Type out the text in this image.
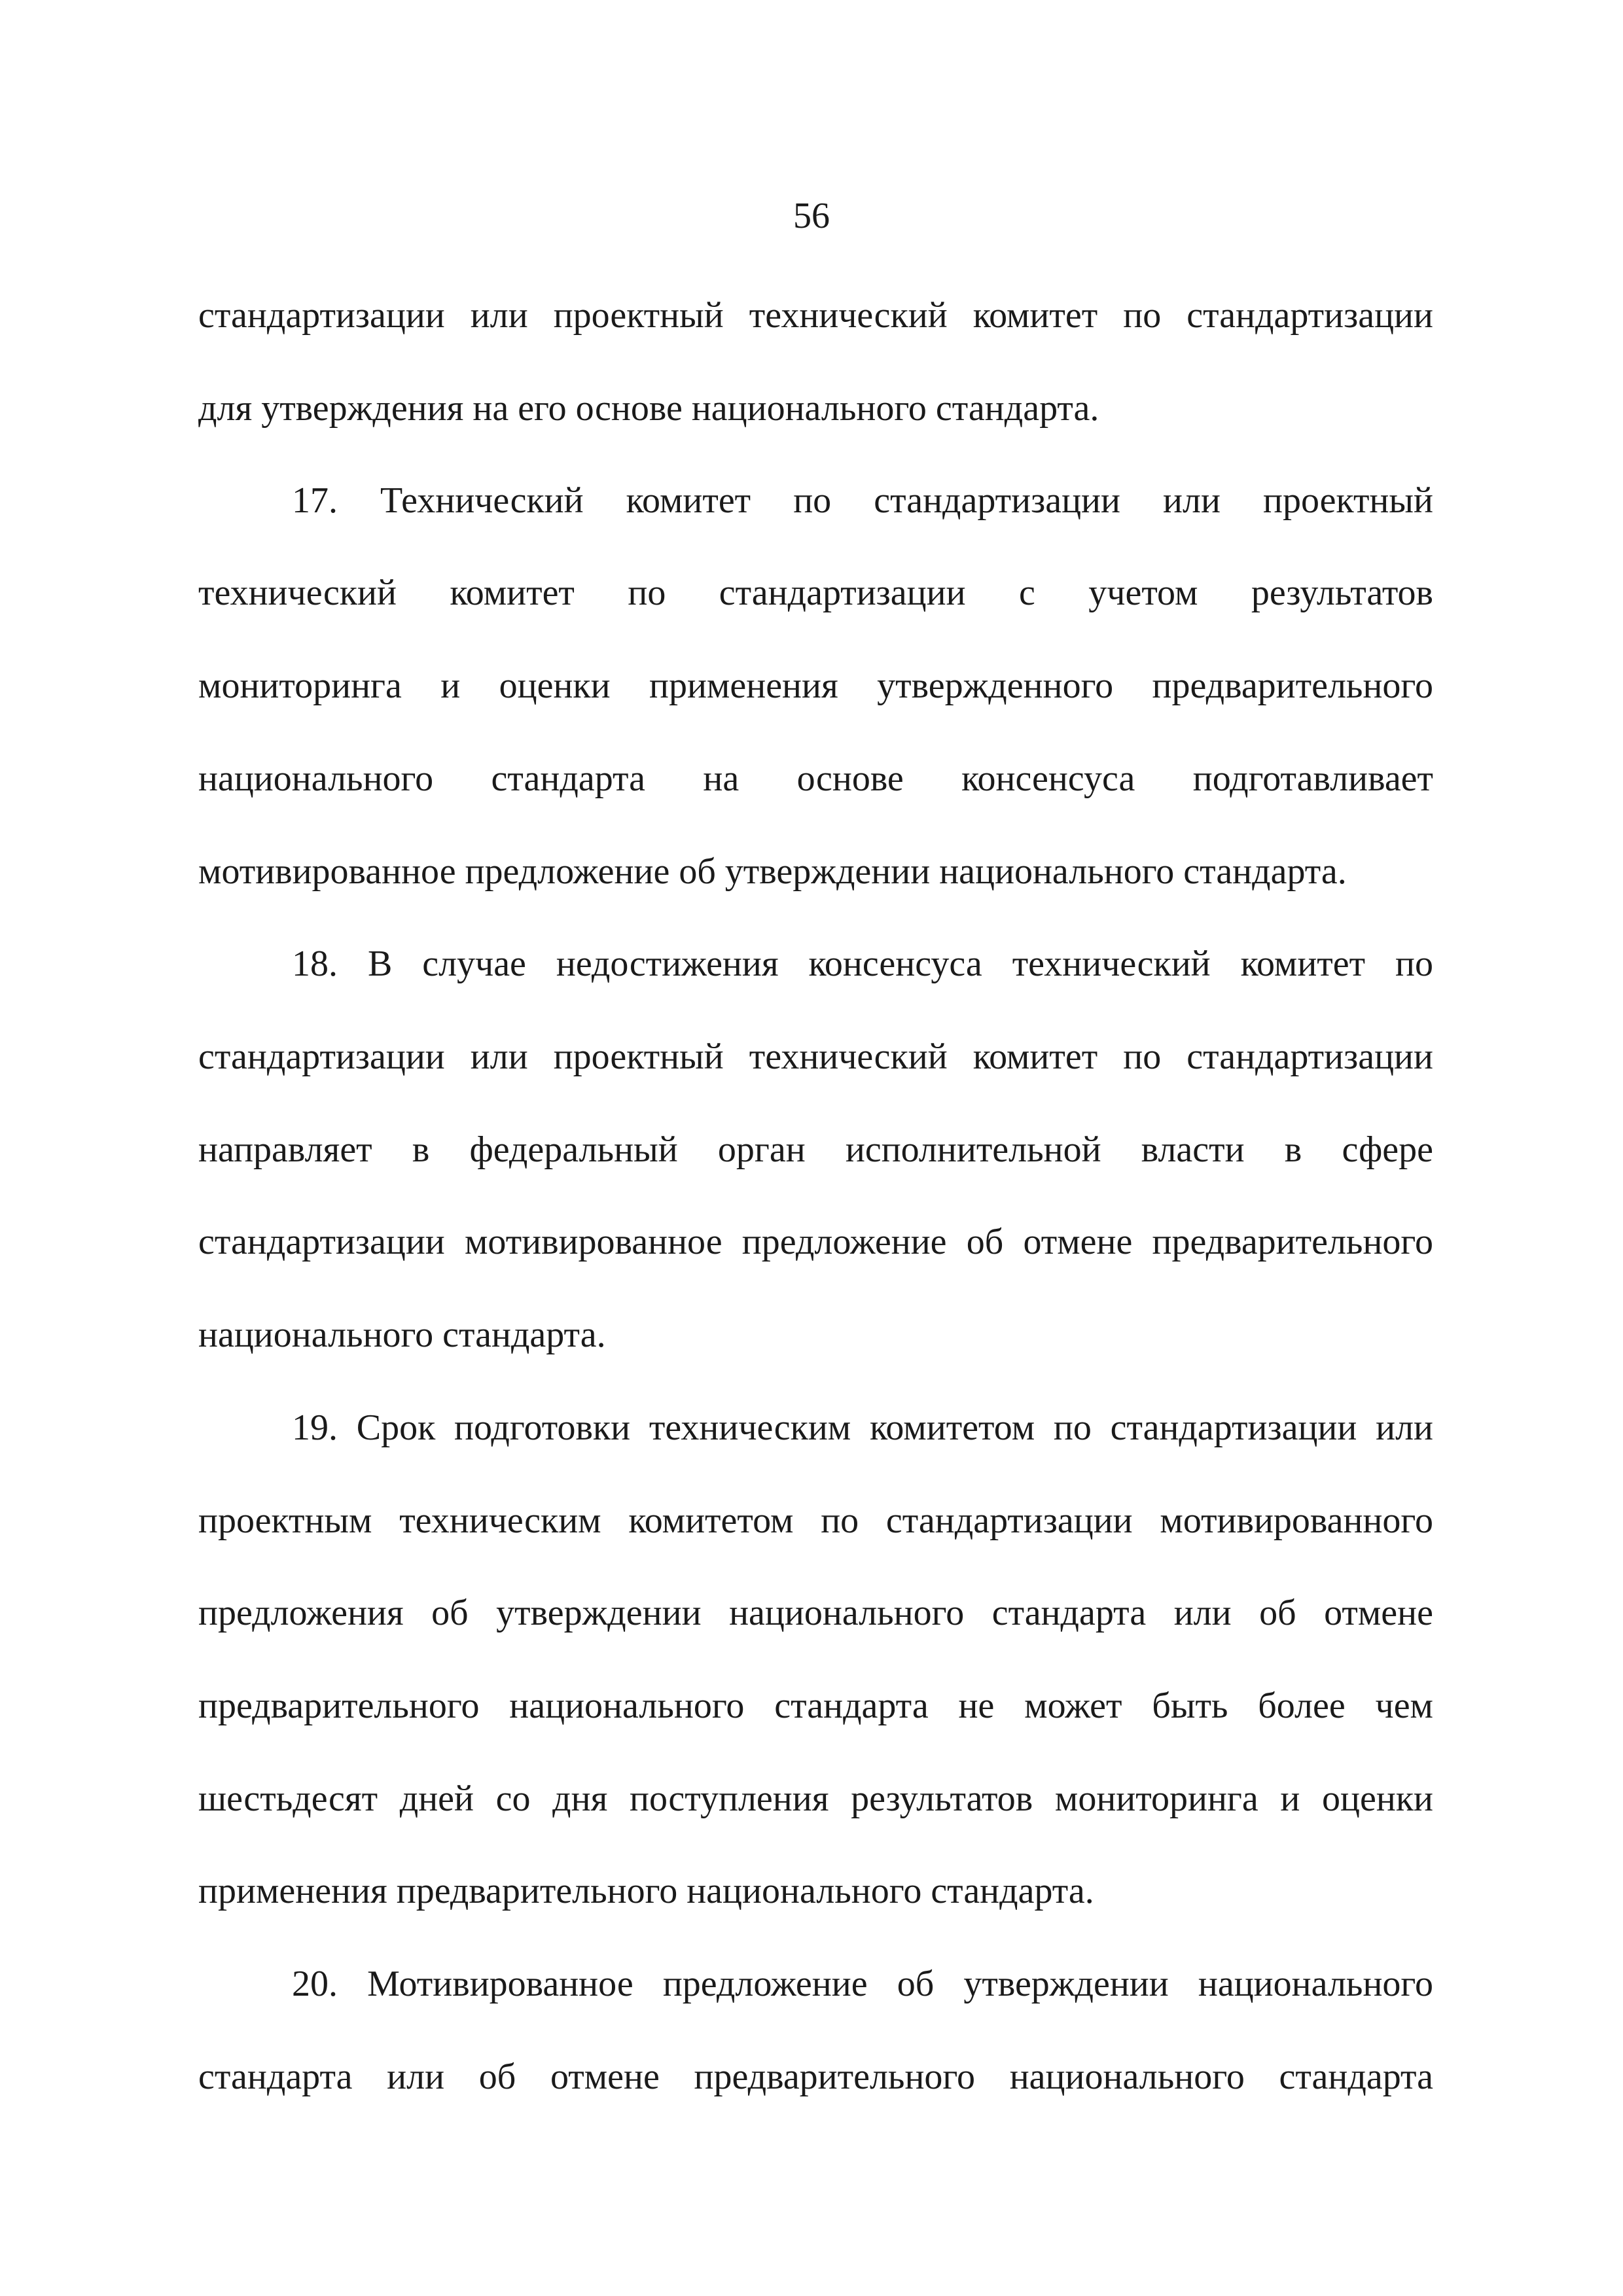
56
стандартизации или проектный технический комитет по стандартизации
для утверждения на его основе национального стандарта.
17. Технический комитет по стандартизации или проектный
технический комитет по стандартизации с учетом результатов
мониторинга и оценки применения утвержденного предварительного
национального стандарта на основе консенсуса подготавливает
мотивированное предложение об утверждении национального стандарта.
18. В случае недостижения консенсуса технический комитет по
стандартизации или проектный технический комитет по стандартизации
направляет в федеральный орган исполнительной власти в сфере
стандартизации мотивированное предложение об отмене предварительного
национального стандарта.
19. Срок подготовки техническим комитетом по стандартизации или
проектным техническим комитетом по стандартизации мотивированного
предложения об утверждении национального стандарта или об отмене
предварительного национального стандарта не может быть более чем
шестьдесят дней со дня поступления результатов мониторинга и оценки
применения предварительного национального стандарта.
20. Мотивированное предложение об утверждении национального
стандарта или об отмене предварительного национального стандарта
